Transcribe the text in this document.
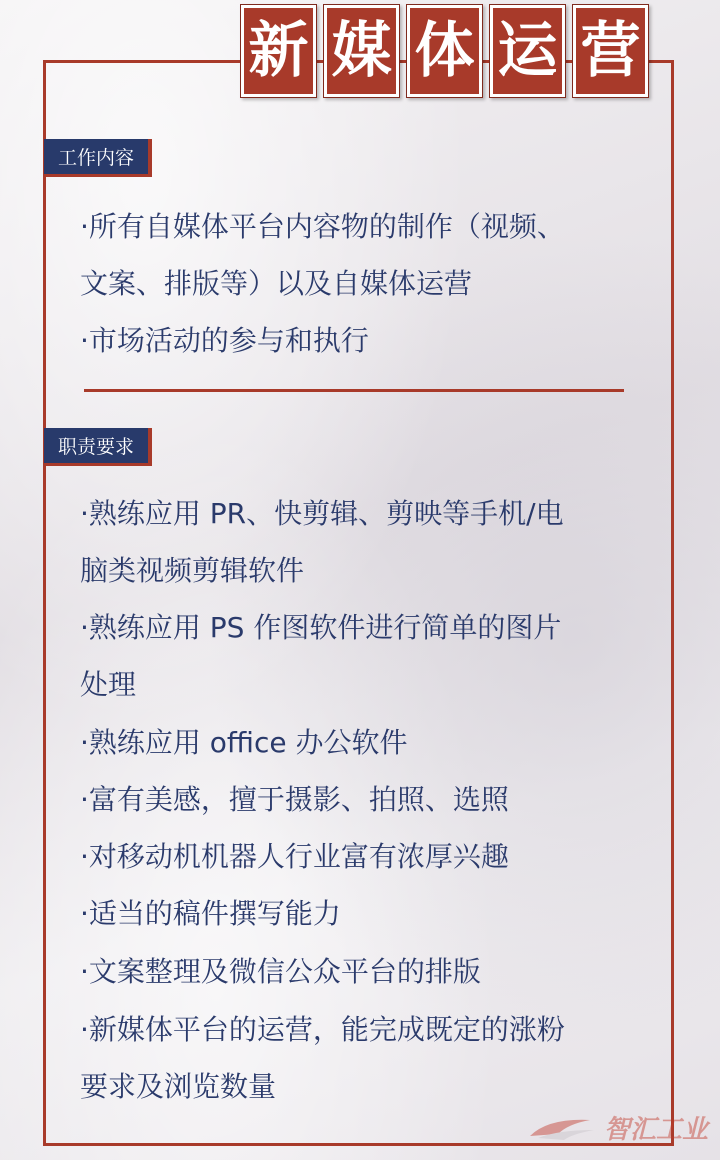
新 媒 体 运 营
工作内容
·所有自媒体平台内容物的制作（视频、
文案、排版等）以及自媒体运营
·市场活动的参与和执行
职责要求
·熟练应用 PR、快剪辑、剪映等手机/电
脑类视频剪辑软件
·熟练应用 PS 作图软件进行简单的图片
处理
·熟练应用 office 办公软件
·富有美感，擅于摄影、拍照、选照
·对移动机机器人行业富有浓厚兴趣
·适当的稿件撰写能力
·文案整理及微信公众平台的排版
·新媒体平台的运营，能完成既定的涨粉
要求及浏览数量
智汇工业
